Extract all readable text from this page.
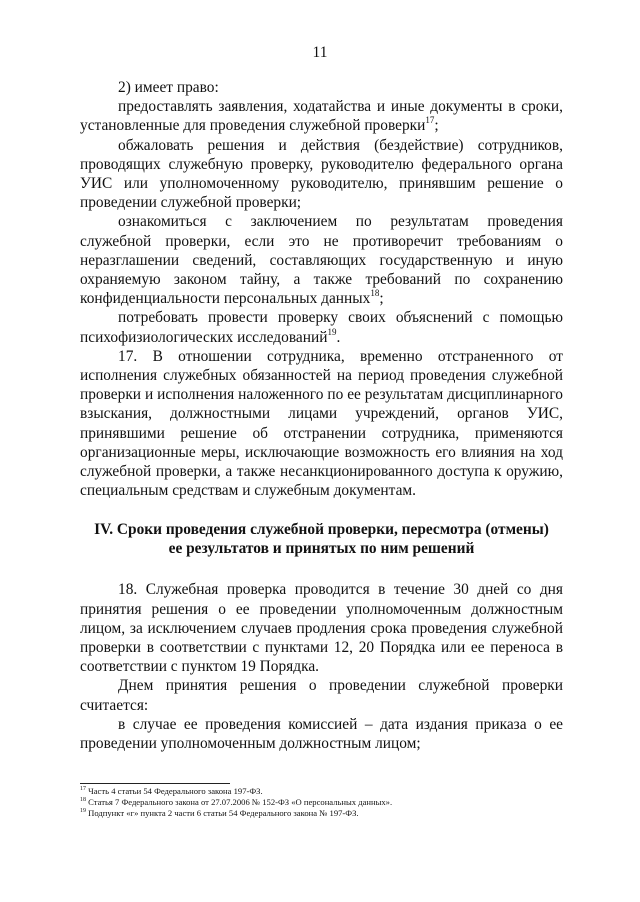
11

2) имеет право:

предоставлять заявления, ходатайства и иные документы в сроки, установленные для проведения служебной проверки$^{17}$;

обжаловать решения и действия (бездействие) сотрудников, проводящих служебную проверку, руководителю федерального органа УИС или уполномоченному руководителю, принявшим решение о проведении служебной проверки;

ознакомиться с заключением по результатам проведения служебной проверки, если это не противоречит требованиям о неразглашении сведений, составляющих государственную и иную охраняемую законом тайну, а также требований по сохранению конфиденциальности персональных данных$^{18}$;

потребовать провести проверку своих объяснений с помощью психофизиологических исследований$^{19}$.

17. В отношении сотрудника, временно отстраненного от исполнения служебных обязанностей на период проведения служебной проверки и исполнения наложенного по ее результатам дисциплинарного взыскания, должностными лицами учреждений, органов УИС, принявшими решение об отстранении сотрудника, применяются организационные меры, исключающие возможность его влияния на ход служебной проверки, а также несанкционированного доступа к оружию, специальным средствам и служебным документам.

IV. Сроки проведения служебной проверки, пересмотра (отмены)
ее результатов и принятых по ним решений

18. Служебная проверка проводится в течение 30 дней со дня принятия решения о ее проведении уполномоченным должностным лицом, за исключением случаев продления срока проведения служебной проверки в соответствии с пунктами 12, 20 Порядка или ее переноса в соответствии с пунктом 19 Порядка.

Днем принятия решения о проведении служебной проверки считается:

в случае ее проведения комиссией – дата издания приказа о ее проведении уполномоченным должностным лицом;

$^{17}$ Часть 4 статьи 54 Федерального закона 197-ФЗ.
$^{18}$ Статья 7 Федерального закона от 27.07.2006 № 152-ФЗ «О персональных данных».
$^{19}$ Подпункт «г» пункта 2 части 6 статьи 54 Федерального закона № 197-ФЗ.
